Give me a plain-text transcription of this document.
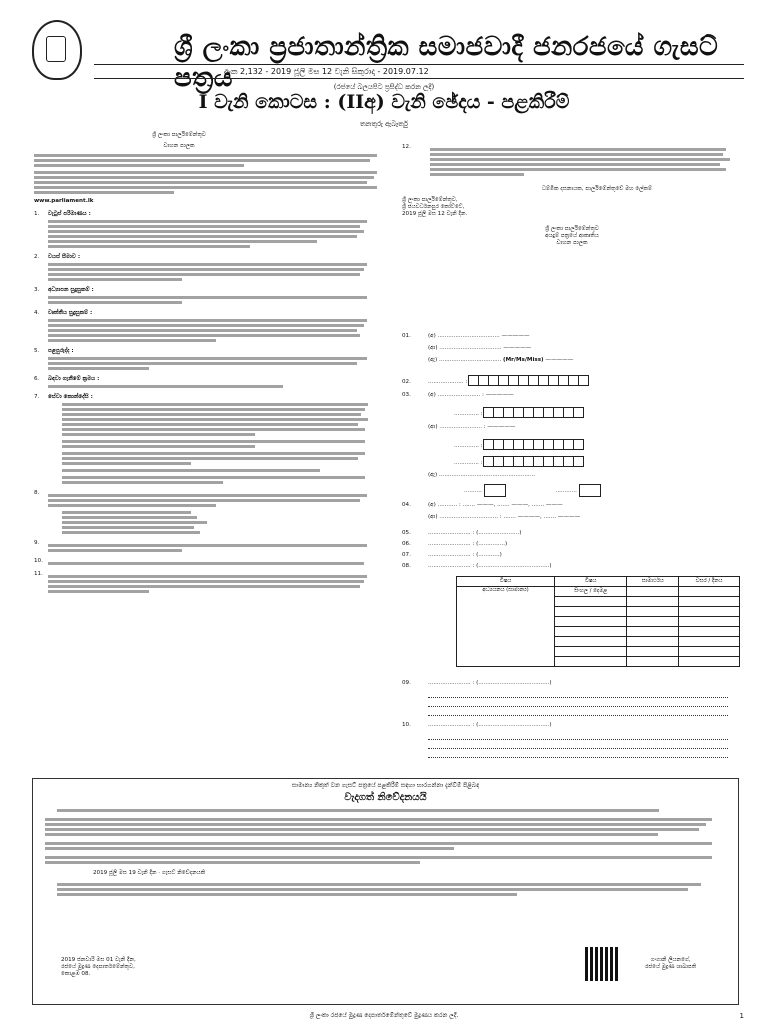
ශ්‍රී ලංකා ප්‍රජාතාන්ත්‍රික සමාජවාදී ජනරජයේ ගැසට් පත්‍රය
අංක 2,132 - 2019 ජූලි මස 12 වැනි සිකුරාදා - 2019.07.12
(රජයේ බලයපිට ප්‍රසිද්ධ කරන ලදී)
I වැනි කොටස : (IIඅ) වැනි ඡේදය - පළකිරීම්
තනතුරු ඇබෑර්තු

ශ්‍රී ලංකා පාර්ලිමේන්තුව

වාහන පාලක

www.parliament.lk

1. වැටුප් පරිමාණය :
2. වයස් සීමාව :
3. අධ්‍යාපන සුදුසුකම් :
4. වෘත්තීය සුදුසුකම් :
5. පළපුරුද්ද :
6. බඳවා ගැනීමේ ක්‍රමය :
7. සේවා කොන්දේසි :
8.
9.
10.
11.
12.

ධම්මික දසනායක, පාර්ලිමේන්තුවේ මහ ලේකම්

ශ්‍රී ලංකා පාර්ලිමේන්තුව,

ශ්‍රී ජයවර්ධනපුර කෝට්ටේ,

2019 ජූලි මස 12 වැනි දින.

ශ්‍රී ලංකා පාර්ලිමේන්තුව
අයදුම් පත්‍රයේ ආකෘතිය
වාහන පාලක
01.	(අ) ................................... —————
(ආ) ................................... —————
(ඇ) ................................... (Mr/Ms/Miss) —————
02.	.................... :
03.	(අ) ........................ : —————
.............. :
(ආ) ........................ : —————
.............. :
.............. :
(ඇ) ......................................................
..........	............
04.	(අ) ........... : ....... ———, ....... ———, ....... ———
(ආ) ................................. : ....... ————, ....... ————
05.	........................ : (.......................)
06.	........................ : (...............)
07.	........................ : (............)
08.	........................ : (........................................)
විෂය	විෂය	සාමාර්ථය	වසර / දිනය
අධ්‍යයනය (සාමාන්‍ය)	සිංහල / දෙමළ		

09.	........................ : (........................................)
10.	........................ : (........................................)
සාමාන්‍ය නිකුත් වන ගැසට් පත්‍රයේ පළකිරීම් සඳහා භාරගන්නා දැන්වීම් පිළිබඳ
වැදගත් නිවේදනයයි
2019 ජූලි මස 19 වැනි දින · ගැසට් නිවේදනයකි
2019 ජනවාරි මස 01 වැනි දින,
රජයේ මුද්‍රණ දෙපාර්තමේන්තුව,
කොළඹ 08.
ගංගානි ලියනගේ,
රජයේ මුද්‍රණ ශාඛාපති
ශ්‍රී ලංකා රජයේ මුද්‍රණ දෙපාර්තමේන්තුවේ මුද්‍රණය කරන ලදී.	1
